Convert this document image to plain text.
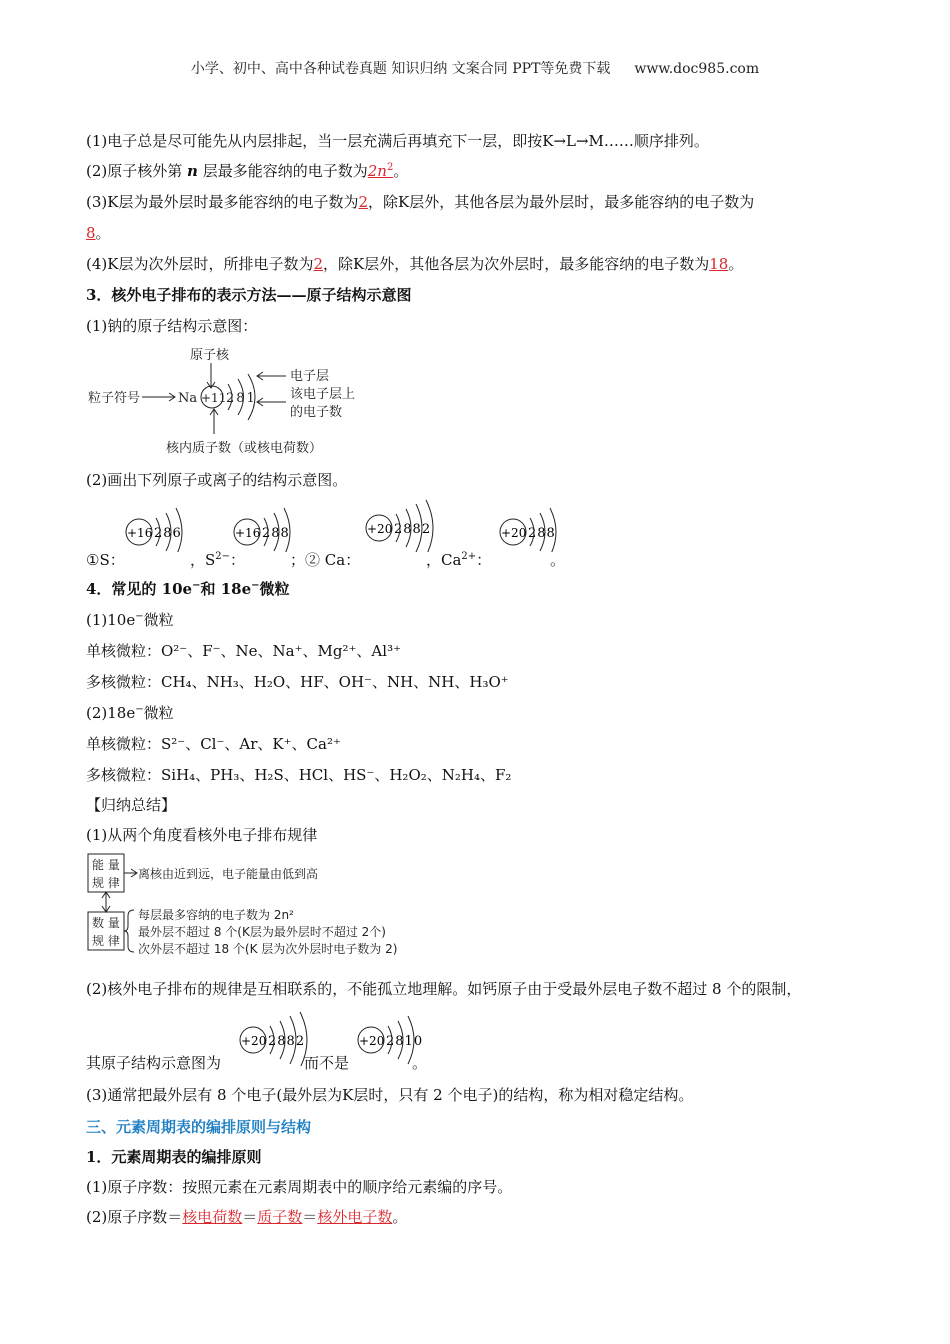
小学、初中、高中各种试卷真题 知识归纳 文案合同 PPT等免费下载 www.doc985.com
(1)电子总是尽可能先从内层排起，当一层充满后再填充下一层，即按K→L→M……顺序排列。
(2)原子核外第 n 层最多能容纳的电子数为$2n^2$。
(3)K层为最外层时最多能容纳的电子数为2，除K层外，其他各层为最外层时，最多能容纳的电子数为
8。
(4)K层为次外层时，所排电子数为2，除K层外，其他各层为次外层时，最多能容纳的电子数为18。
3．核外电子排布的表示方法——原子结构示意图
(1)钠的原子结构示意图：
原子核
粒子符号	Na +11 281
电子层
该电子层上
的电子数
核内质子数（或核电荷数）
(2)画出下列原子或离子的结构示意图。
+16 286	+16 288	+20 2882	+20 288
①S：	，$S^{2-}$：	；② Ca：	，$Ca^{2+}$：	。
4．常见的 10e−和 18e−微粒
(1)10e−微粒
单核微粒：O²⁻、F⁻、Ne、Na⁺、Mg²⁺、Al³⁺
多核微粒：CH₄、NH₃、H₂O、HF、OH⁻、NH、NH、H₃O⁺
(2)18e−微粒
单核微粒：S²⁻、Cl⁻、Ar、K⁺、Ca²⁺
多核微粒：SiH₄、PH₃、H₂S、HCl、HS⁻、H₂O₂、N₂H₄、F₂
【归纳总结】
(1)从两个角度看核外电子排布规律
能 量
规 律
离核由近到远，电子能量由低到高
数 量
规 律
每层最多容纳的电子数为 2n²
最外层不超过 8 个(K层为最外层时不超过 2个)
次外层不超过 18 个(K 层为次外层时电子数为 2)
(2)核外电子排布的规律是互相联系的，不能孤立地理解。如钙原子由于受最外层电子数不超过 8 个的限制，
+20 2882	+20 2810
其原子结构示意图为	而不是	。
(3)通常把最外层有 8 个电子(最外层为K层时，只有 2 个电子)的结构，称为相对稳定结构。
三、元素周期表的编排原则与结构
1．元素周期表的编排原则
(1)原子序数：按照元素在元素周期表中的顺序给元素编的序号。
(2)原子序数＝核电荷数＝质子数＝核外电子数。
